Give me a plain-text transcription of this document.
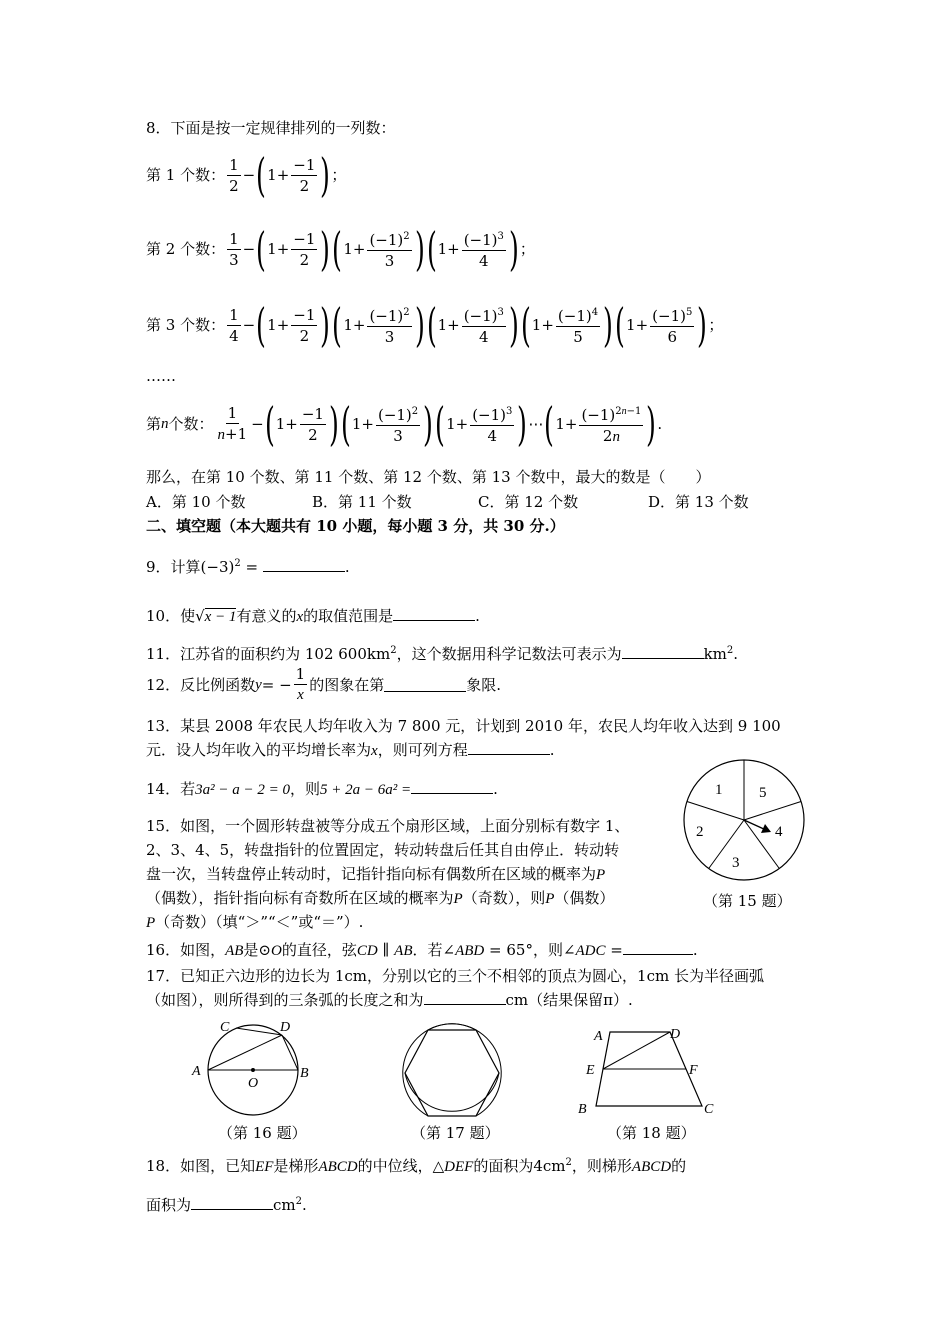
8．下面是按一定规律排列的一列数：
第 1 个数： $\frac{1}{2}$ − ( $1+ \frac{-1}{2}$ ) ；
第 2 个数： $\frac{1}{3}$ − ( $1+ \frac{-1}{2}$ ) ( $1+ \frac{(-1)^2}{3}$ ) ( $1+ \frac{(-1)^3}{4}$ ) ；
第 3 个数： $\frac{1}{4}$ − ( $1+ \frac{-1}{2}$ ) ( $1+ \frac{(-1)^2}{3}$ ) ( $1+ \frac{(-1)^3}{4}$ ) ( $1+ \frac{(-1)^4}{5}$ ) ( $1+ \frac{(-1)^5}{6}$ ) ；
……
第 n 个数： $\frac{1}{n+1}$ − ( $1+ \frac{-1}{2}$ ) ( $1+ \frac{(-1)^2}{3}$ ) ( $1+ \frac{(-1)^3}{4}$ ) ⋯ ( $1+ \frac{(-1)^{2n-1}}{2n}$ ) .
那么，在第 10 个数、第 11 个数、第 12 个数、第 13 个数中，最大的数是（　　）
A．第 10 个数	B．第 11 个数	C．第 12 个数	D．第 13 个数
二、填空题（本大题共有 10 小题，每小题 3 分，共 30 分.）
9．计算$(-3)^2$ =	.
10．使√x − 1有意义的x的取值范围是	.
11．江苏省的面积约为 102 $600km^2$，这个数据用科学记数法可表示为	$km^2$.
12．反比例函数 y = − $\frac{1}{x}$ 的图象在第	象限.
13．某县 2008 年农民人均年收入为 7 800 元，计划到 2010 年，农民人均年收入达到 9 100
元．设人均年收入的平均增长率为x，则可列方程	.
14．若3a² − a − 2 = 0，则5 + 2a − 6a² =	.
15．如图，一个圆形转盘被等分成五个扇形区域，上面分别标有数字 1、
2、3、4、5，转盘指针的位置固定，转动转盘后任其自由停止．转动转
盘一次，当转盘停止转动时，记指针指向标有偶数所在区域的概率为P
（偶数），指针指向标有奇数所在区域的概率为P（奇数），则P（偶数）
P（奇数）（填“＞”“＜”或“＝”）.
1 5
2	4
3
（第 15 题）
16．如图，AB是⊙O的直径，弦CD ∥ AB．若∠ABD = 65°，则∠ADC =	.
17．已知正六边形的边长为 1cm，分别以它的三个不相邻的顶点为圆心，1cm 长为半径画弧
（如图），则所得到的三条弧的长度之和为	cm（结果保留π）.
C	D
A
O
B
（第 16 题）	（第 17 题）
A	D
E	F
B	C
（第 18 题）
18．如图，已知EF是梯形ABCD的中位线，△DEF的面积为$4cm^2$，则梯形ABCD的
面积为	$cm^2$.
